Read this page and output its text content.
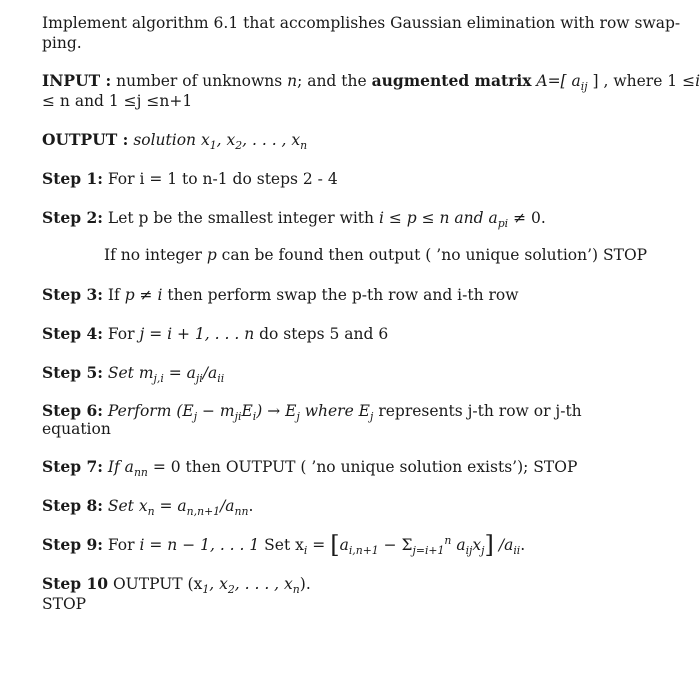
Implement algorithm 6.1 that accomplishes Gaussian elimination with row swap-
ping.
INPUT : number of unknowns n; and the augmented matrix A=[ $a_{ij}$ ] , where 1 ≤i
≤ n and 1 ≤j ≤n+1
OUTPUT : solution $x_1$, $x_2$, . . . , $x_n$
Step 1: For i = 1 to n-1 do steps 2 - 4
Step 2: Let p be the smallest integer with i ≤ p ≤ n and $a_{pi} \ne 0$.
If no integer p can be found then output ( ’no unique solution’) STOP
Step 3: If p ≠ i then perform swap the p-th row and i-th row
Step 4: For j = i + 1, . . . n do steps 5 and 6
Step 5: Set $m_{j,i} = a_{ji}/a_{ii}$
Step 6: Perform $(E_j - m_{ji}E_i) \to E_j$ where $E_j$ represents j-th row or j-th
equation
Step 7: If $a_{nn} = 0$ then OUTPUT ( ’no unique solution exists’); STOP
Step 8: Set $x_n = a_{n,n+1}/a_{nn}$.
Step 9: For i = n − 1, . . . 1 Set $x_i = [a_{i,n+1} - \Sigma_{j=i+1}^n$ $a_{ij}x_j$] $/a_{ii}$.
Step 10 OUTPUT ($x_1$, $x_2$, . . . , $x_n$).
STOP
